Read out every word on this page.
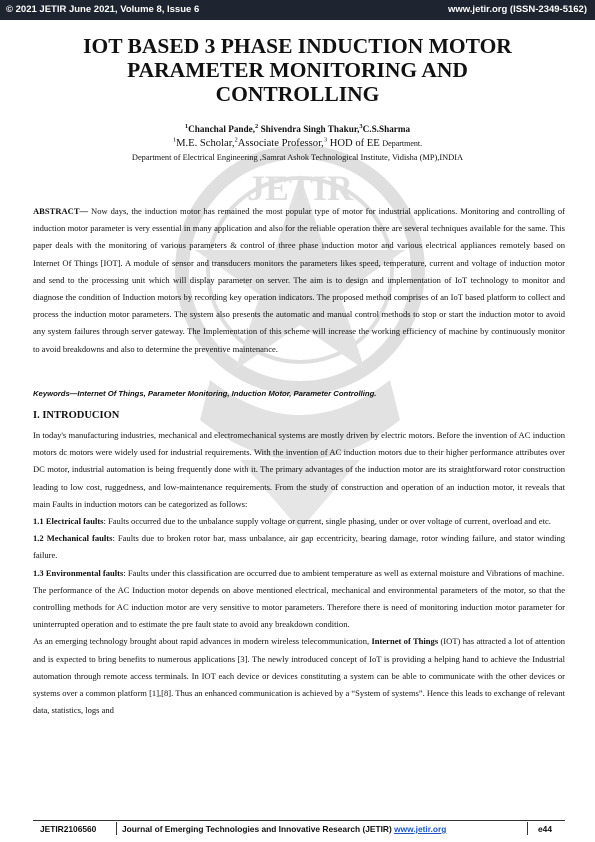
© 2021 JETIR June 2021, Volume 8, Issue 6	www.jetir.org (ISSN-2349-5162)
JETIR
IOT BASED 3 PHASE INDUCTION MOTOR
PARAMETER MONITORING AND
CONTROLLING
$^1$Chanchal Pande,$^2$ Shivendra Singh Thakur,$^3$C.S.Sharma
$^1$M.E. Scholar,$^2$Associate Professor,$^3$ HOD of EE Department.
Department of Electrical Engineering ,Samrat Ashok Technological Institute, Vidisha (MP),INDIA

ABSTRACT— Now days, the induction motor has remained the most popular type of motor for industrial applications. Monitoring and controlling of induction motor parameter is very essential in many application and also for the reliable operation there are several techniques available for the same. This paper deals with the monitoring of various parameters & control of three phase induction motor and various electrical appliances remotely based on Internet Of Things [IOT]. A module of sensor and transducers monitors the parameters likes speed, temperature, current and voltage of induction motor and send to the processing unit which will display parameter on server. The aim is to design and implementation of IoT technology to monitor and diagnose the condition of Induction motors by recording key operation indicators. The proposed method comprises of an IoT based platform to collect and process the induction motor parameters. The system also presents the automatic and manual control methods to stop or start the induction motor to avoid any system failures through server gateway. The Implementation of this scheme will increase the working efficiency of machine by continuously monitor to avoid breakdowns and also to determine the preventive maintenance.

Keywords—Internet Of Things, Parameter Monitoring, Induction Motor, Parameter Controlling.
I. INTRODUCION

In today's manufacturing industries, mechanical and electromechanical systems are mostly driven by electric motors. Before the invention of AC induction motors dc motors were widely used for industrial requirements. With the invention of AC induction motors due to their higher performance attributes over DC motor, industrial automation is being frequently done with it. The primary advantages of the induction motor are its straightforward rotor construction leading to low cost, ruggedness, and low-maintenance requirements. From the study of construction and operation of an induction motor, it reveals that main Faults in induction motors can be categorized as follows:

1.1 Electrical faults: Faults occurred due to the unbalance supply voltage or current, single phasing, under or over voltage of current, overload and etc.

1.2 Mechanical faults: Faults due to broken rotor bar, mass unbalance, air gap eccentricity, bearing damage, rotor winding failure, and stator winding failure.

1.3 Environmental faults: Faults under this classification are occurred due to ambient temperature as well as external moisture and Vibrations of machine.

The performance of the AC Induction motor depends on above mentioned electrical, mechanical and environmental parameters of the motor, so that the controlling methods for AC induction motor are very sensitive to motor parameters. Therefore there is need of monitoring induction motor parameter for uninterrupted operation and to estimate the pre fault state to avoid any breakdown condition.

As an emerging technology brought about rapid advances in modern wireless telecommunication, Internet of Things (IOT) has attracted a lot of attention and is expected to bring benefits to numerous applications [3]. The newly introduced concept of IoT is providing a helping hand to achieve the Industrial automation through remote access terminals. In IOT each device or devices constituting a system can be able to communicate with the other devices or systems over a common platform [1],[8]. Thus an enhanced communication is achieved by a “System of systems”. Hence this leads to exchange of relevant data, statistics, logs and

JETIR2106560	Journal of Emerging Technologies and Innovative Research (JETIR) www.jetir.org	e44
